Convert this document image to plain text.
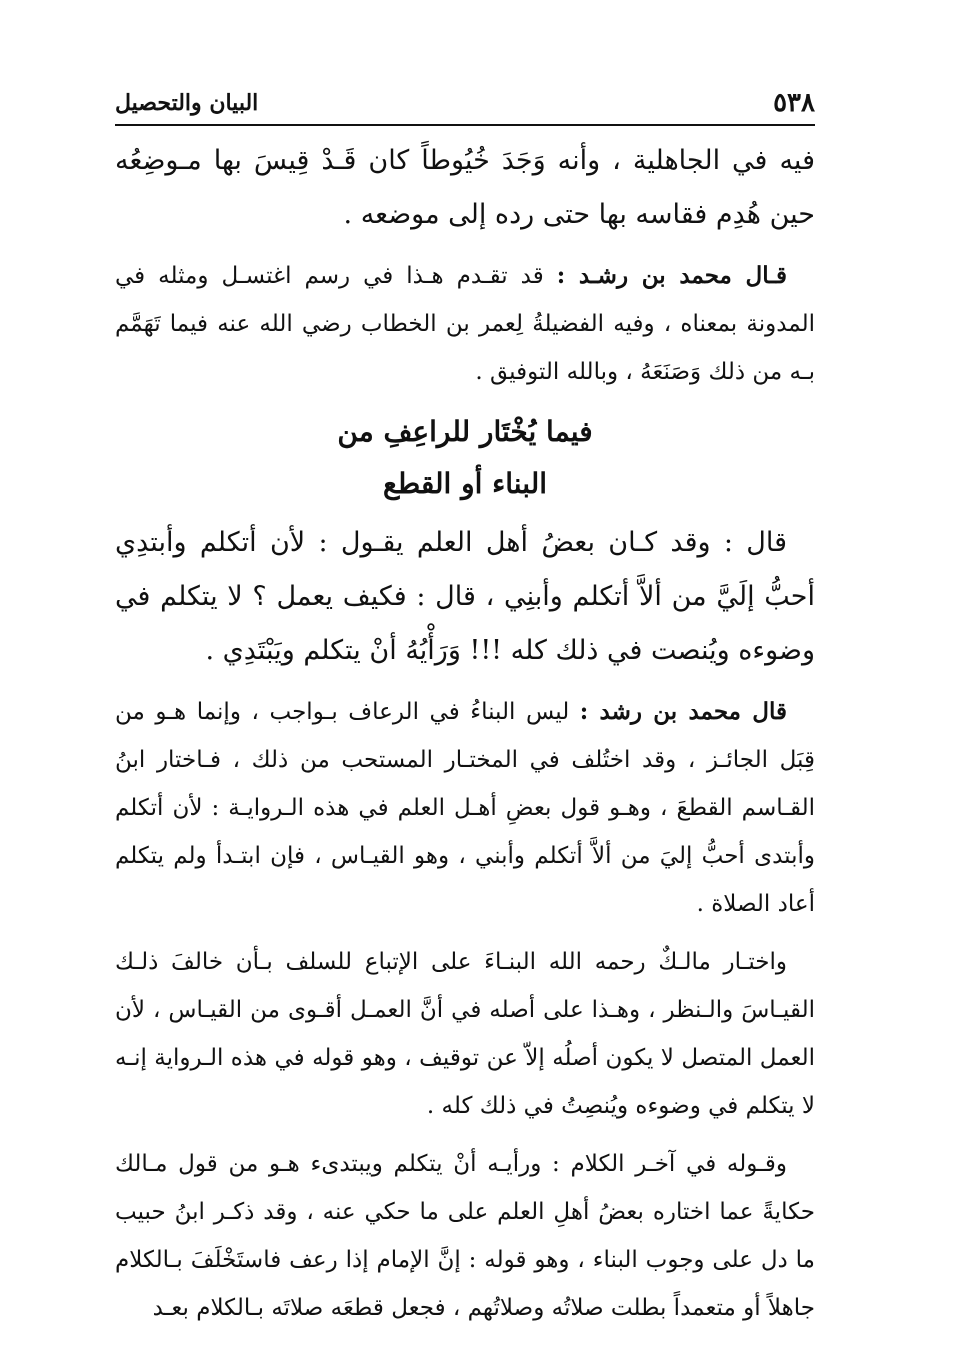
٥٣٨
البيان والتحصيل

فيه في الجاهلية ، وأنه وَجَدَ خُيُوطاً كان قَـدْ قِيسَ بها مـوضِعُه حين هُدِم فقاسه بها حتى رده إلى موضعه .

قـال محمد بن رشـد : قد تقـدم هـذا في رسم اغتسـل ومثله في المدونة بمعناه ، وفيه الفضيلةُ لِعمر بن الخطاب رضي الله عنه فيما تَهَمَّم بـه من ذلك وَصَنَعَهُ ، وبالله التوفيق .

فيما يُخْتَار للراعِفِ من
البناء أو القطع

قال : وقد كـان بعضُ أهل العلم يقـول : لأن أتكلم وأبتدِي أحبُّ إلَيَّ من ألاَّ أتكلم وأبنِي ، قال : فكيف يعمل ؟ لا يتكلم في وضوءه ويُنصت في ذلك كله !!! وَرَأْيُهُ أنْ يتكلم ويَبْتَدِي .

قال محمد بن رشد : ليس البناءُ في الرعاف بـواجب ، وإنما هـو من قِبَل الجائـز ، وقد اختُلف في المختـار المستحب من ذلك ، فـاختار ابنُ القـاسم القطعَ ، وهـو قول بعضِ أهـل العلم في هذه الـروايـة : لأن أتكلم وأبتدى أحبُّ إليَ من ألاَّ أتكلم وأبني ، وهو القيـاس ، فإن ابتـدأ ولم يتكلم أعاد الصلاة .

واختـار مالـكٌ رحمه الله البنـاءَ على الإتباع للسلف بـأن خالفَ ذلـك القيـاسَ والـنظر ، وهـذا على أصله في أنَّ العمـل أقـوى من القيـاس ، لأن العمل المتصل لا يكون أصلُه إلاّ عن توقيف ، وهو قوله في هذه الـرواية إنـه لا يتكلم في وضوءه ويُنصِتُ في ذلك كله .

وقـوله في آخـر الكلام : ورأيـه أنْ يتكلم ويبتدىء هـو من قول مـالك حكايةً عما اختاره بعضُ أهلِ العلم على ما حكي عنه ، وقد ذكـر ابنُ حبيب ما دل على وجوب البناء ، وهو قوله : إنَّ الإمام إذا رعف فاستَخْلَفَ بـالكلام جاهلاً أو متعمداً بطلت صلاتُه وصلاتُهم ، فجعل قطعَه صلاتَه بـالكلام بعـد
